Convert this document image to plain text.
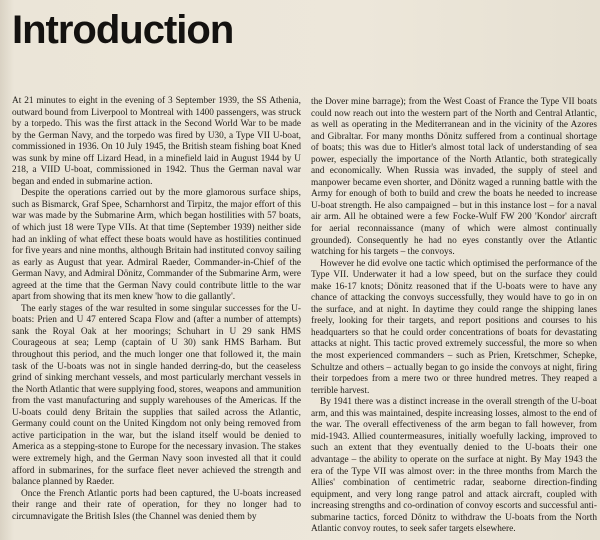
Introduction

At 21 minutes to eight in the evening of 3 September 1939, the SS Athenia, outward bound from Liverpool to Montreal with 1400 passengers, was struck by a torpedo. This was the first attack in the Second World War to be made by the German Navy, and the torpedo was fired by U30, a Type VII U-boat, commissioned in 1936. On 10 July 1945, the British steam fishing boat Kned was sunk by mine off Lizard Head, in a minefield laid in August 1944 by U 218, a VIID U-boat, commissioned in 1942. Thus the German naval war began and ended in submarine action.

Despite the operations carried out by the more glamorous surface ships, such as Bismarck, Graf Spee, Scharnhorst and Tirpitz, the major effort of this war was made by the Submarine Arm, which began hostilities with 57 boats, of which just 18 were Type VIIs. At that time (September 1939) neither side had an inkling of what effect these boats would have as hostilities continued for five years and nine months, although Britain had instituted convoy sailing as early as August that year. Admiral Raeder, Commander-in-Chief of the German Navy, and Admiral Dönitz, Commander of the Submarine Arm, were agreed at the time that the German Navy could contribute little to the war apart from showing that its men knew 'how to die gallantly'.

The early stages of the war resulted in some singular successes for the U-boats: Prien and U 47 entered Scapa Flow and (after a number of attempts) sank the Royal Oak at her moorings; Schuhart in U 29 sank HMS Courageous at sea; Lemp (captain of U 30) sank HMS Barham. But throughout this period, and the much longer one that followed it, the main task of the U-boats was not in single handed derring-do, but the ceaseless grind of sinking merchant vessels, and most particularly merchant vessels in the North Atlantic that were supplying food, stores, weapons and ammunition from the vast manufacturing and supply warehouses of the Americas. If the U-boats could deny Britain the supplies that sailed across the Atlantic, Germany could count on the United Kingdom not only being removed from active participation in the war, but the island itself would be denied to America as a stepping-stone to Europe for the necessary invasion. The stakes were extremely high, and the German Navy soon invested all that it could afford in submarines, for the surface fleet never achieved the strength and balance planned by Raeder.

Once the French Atlantic ports had been captured, the U-boats increased their range and their rate of operation, for they no longer had to circumnavigate the British Isles (the Channel was denied them by

the Dover mine barrage); from the West Coast of France the Type VII boats could now reach out into the western part of the North and Central Atlantic, as well as operating in the Mediterranean and in the vicinity of the Azores and Gibraltar. For many months Dönitz suffered from a continual shortage of boats; this was due to Hitler's almost total lack of understanding of sea power, especially the importance of the North Atlantic, both strategically and economically. When Russia was invaded, the supply of steel and manpower became even shorter, and Dönitz waged a running battle with the Army for enough of both to build and crew the boats he needed to increase U-boat strength. He also campaigned – but in this instance lost – for a naval air arm. All he obtained were a few Focke-Wulf FW 200 'Kondor' aircraft for aerial reconnaissance (many of which were almost continually grounded). Consequently he had no eyes constantly over the Atlantic watching for his targets – the convoys.

However he did evolve one tactic which optimised the performance of the Type VII. Underwater it had a low speed, but on the surface they could make 16-17 knots; Dönitz reasoned that if the U-boats were to have any chance of attacking the convoys successfully, they would have to go in on the surface, and at night. In daytime they could range the shipping lanes freely, looking for their targets, and report positions and courses to his headquarters so that he could order concentrations of boats for devastating attacks at night. This tactic proved extremely successful, the more so when the most experienced commanders – such as Prien, Kretschmer, Schepke, Schultze and others – actually began to go inside the convoys at night, firing their torpedoes from a mere two or three hundred metres. They reaped a terrible harvest.

By 1941 there was a distinct increase in the overall strength of the U-boat arm, and this was maintained, despite increasing losses, almost to the end of the war. The overall effectiveness of the arm began to fall however, from mid-1943. Allied countermeasures, initially woefully lacking, improved to such an extent that they eventually denied to the U-boats their one advantage – the ability to operate on the surface at night. By May 1943 the era of the Type VII was almost over: in the three months from March the Allies' combination of centimetric radar, seaborne direction-finding equipment, and very long range patrol and attack aircraft, coupled with increasing strengths and co-ordination of convoy escorts and successful anti-submarine tactics, forced Dönitz to withdraw the U-boats from the North Atlantic convoy routes, to seek safer targets elsewhere.
